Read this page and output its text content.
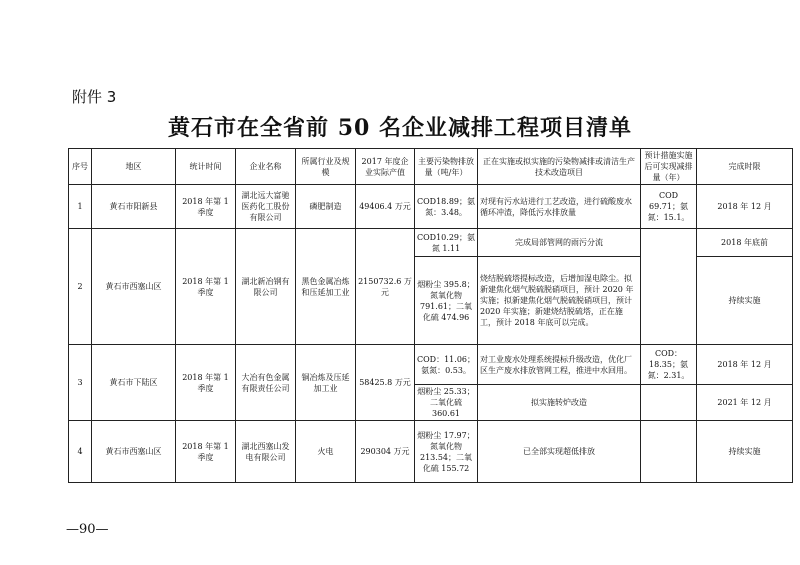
附件 3
黄石市在全省前 50 名企业减排工程项目清单
序号	地区	统计时间	企业名称	所属行业及规模	2017 年度企业实际产值	主要污染物排放量（吨/年）	正在实施或拟实施的污染物减排或清洁生产技术改造项目	预计措施实施后可实现减排量（年）	完成时限
1	黄石市阳新县	2018 年第 1 季度	湖北远大富驰医药化工股份有限公司	磷肥制造	49406.4 万元	COD18.89；氨氮：3.48。	对现有污水站进行工艺改造，进行硫酸废水循环冲渣，降低污水排放量	COD 69.71；氨氮：15.1。	2018 年 12 月
2	黄石市西塞山区	2018 年第 1 季度	湖北新冶钢有限公司	黑色金属冶炼和压延加工业	2150732.6 万元	COD10.29；氨氮 1.11	完成局部管网的雨污分流		2018 年底前
						烟粉尘 395.8；氮氧化物 791.61；二氧化硫 474.96	烧结脱硫塔提标改造，后增加湿电除尘。拟新建焦化烟气脱硫脱硝项目，预计 2020 年实施；拟新建焦化烟气脱硫脱硝项目，预计 2020 年实施；新建烧结脱硫塔，正在施工，预计 2018 年底可以完成。		持续实施
3	黄石市下陆区	2018 年第 1 季度	大冶有色金属有限责任公司	铜冶炼及压延加工业	58425.8 万元	COD：11.06；氨氮：0.53。	对工业废水处理系统提标升级改造，优化厂区生产废水排放管网工程，推进中水回用。	COD：18.35；氨氮：2.31。	2018 年 12 月
						烟粉尘 25.33；二氧化硫 360.61	拟实施转炉改造		2021 年 12 月
4	黄石市西塞山区	2018 年第 1 季度	湖北西塞山发电有限公司	火电	290304 万元	烟粉尘 17.97；氮氧化物 213.54；二氧化硫 155.72	已全部实现超低排放		持续实施
—90—
